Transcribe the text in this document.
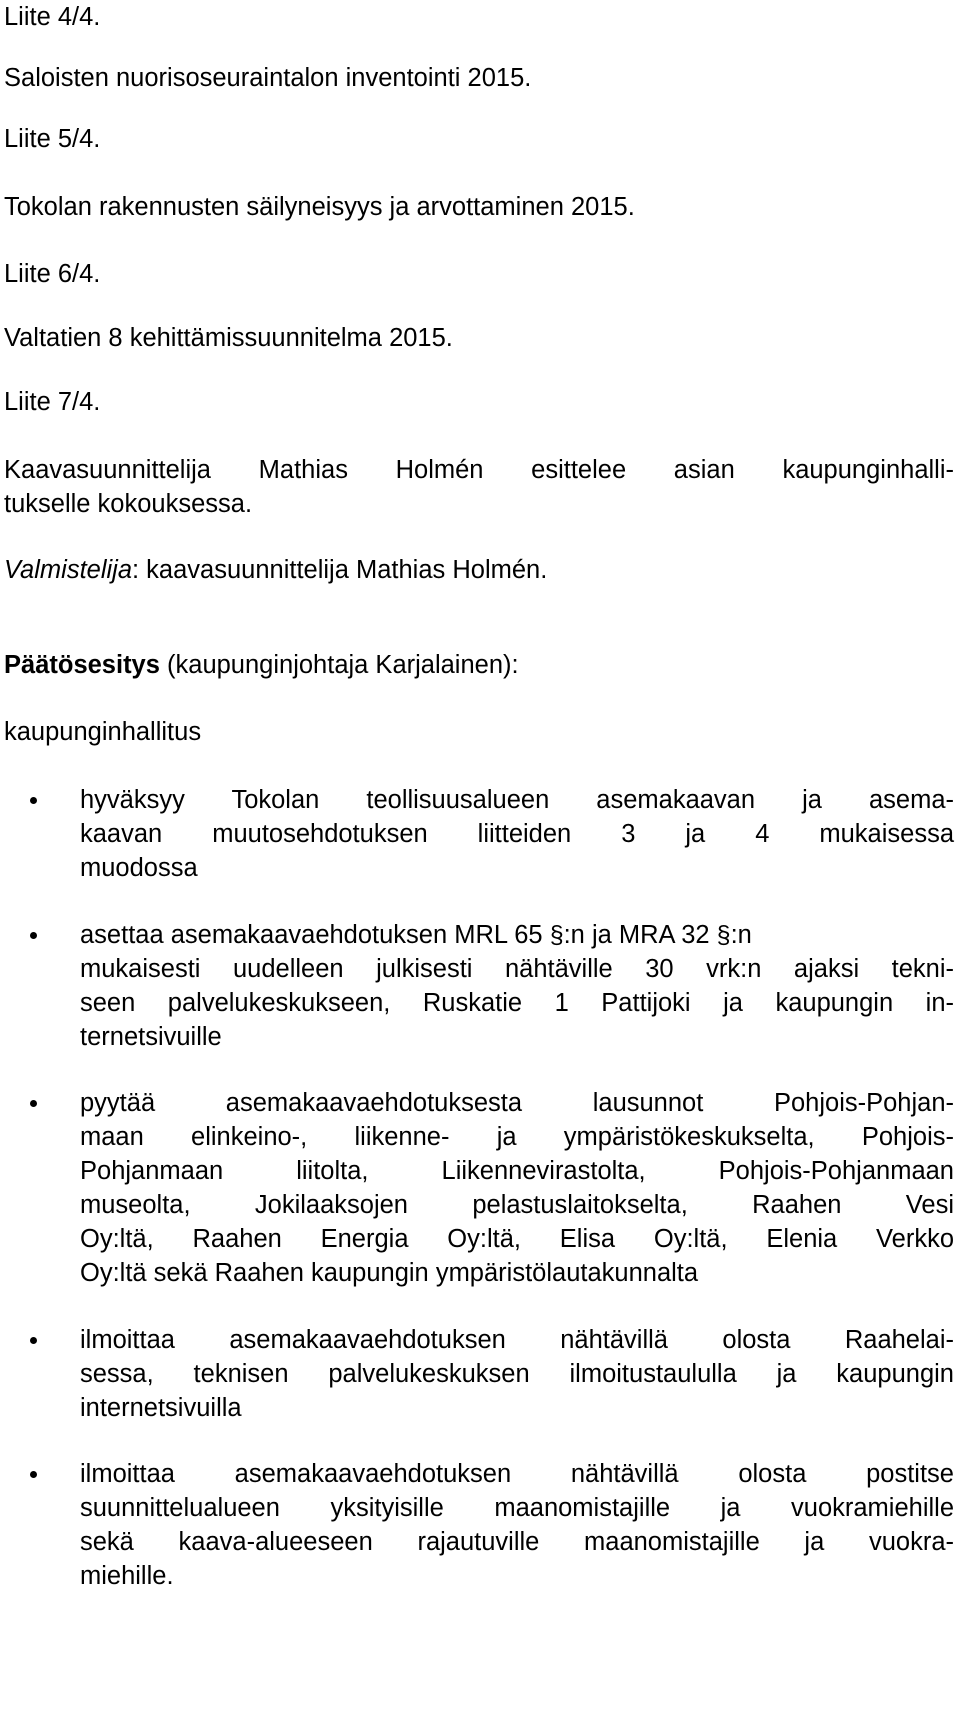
Liite 4/4.
Saloisten nuorisoseuraintalon inventointi 2015.
Liite 5/4.
Tokolan rakennusten säilyneisyys ja arvottaminen 2015.
Liite 6/4.
Valtatien 8 kehittämissuunnitelma 2015.
Liite 7/4.
Kaavasuunnittelija Mathias Holmén esittelee asian kaupunginhalli-
tukselle kokouksessa.
Valmistelija: kaavasuunnittelija Mathias Holmén.
Päätösesitys (kaupunginjohtaja Karjalainen):
kaupunginhallitus
hyväksyy Tokolan teollisuusalueen asemakaavan ja asema-
kaavan muutosehdotuksen liitteiden 3 ja 4 mukaisessa
muodossa
asettaa asemakaavaehdotuksen MRL 65 §:n ja MRA 32 §:n
mukaisesti uudelleen julkisesti nähtäville 30 vrk:n ajaksi tekni-
seen palvelukeskukseen, Ruskatie 1 Pattijoki ja kaupungin in-
ternetsivuille
pyytää asemakaavaehdotuksesta lausunnot Pohjois-Pohjan-
maan elinkeino-, liikenne- ja ympäristökeskukselta, Pohjois-
Pohjanmaan liitolta, Liikennevirastolta, Pohjois-Pohjanmaan
museolta, Jokilaaksojen pelastuslaitokselta, Raahen Vesi
Oy:ltä, Raahen Energia Oy:ltä, Elisa Oy:ltä, Elenia Verkko
Oy:ltä sekä Raahen kaupungin ympäristölautakunnalta
ilmoittaa asemakaavaehdotuksen nähtävillä olosta Raahelai-
sessa, teknisen palvelukeskuksen ilmoitustaululla ja kaupungin
internetsivuilla
ilmoittaa asemakaavaehdotuksen nähtävillä olosta postitse
suunnittelualueen yksityisille maanomistajille ja vuokramiehille
sekä kaava-alueeseen rajautuville maanomistajille ja vuokra-
miehille.
